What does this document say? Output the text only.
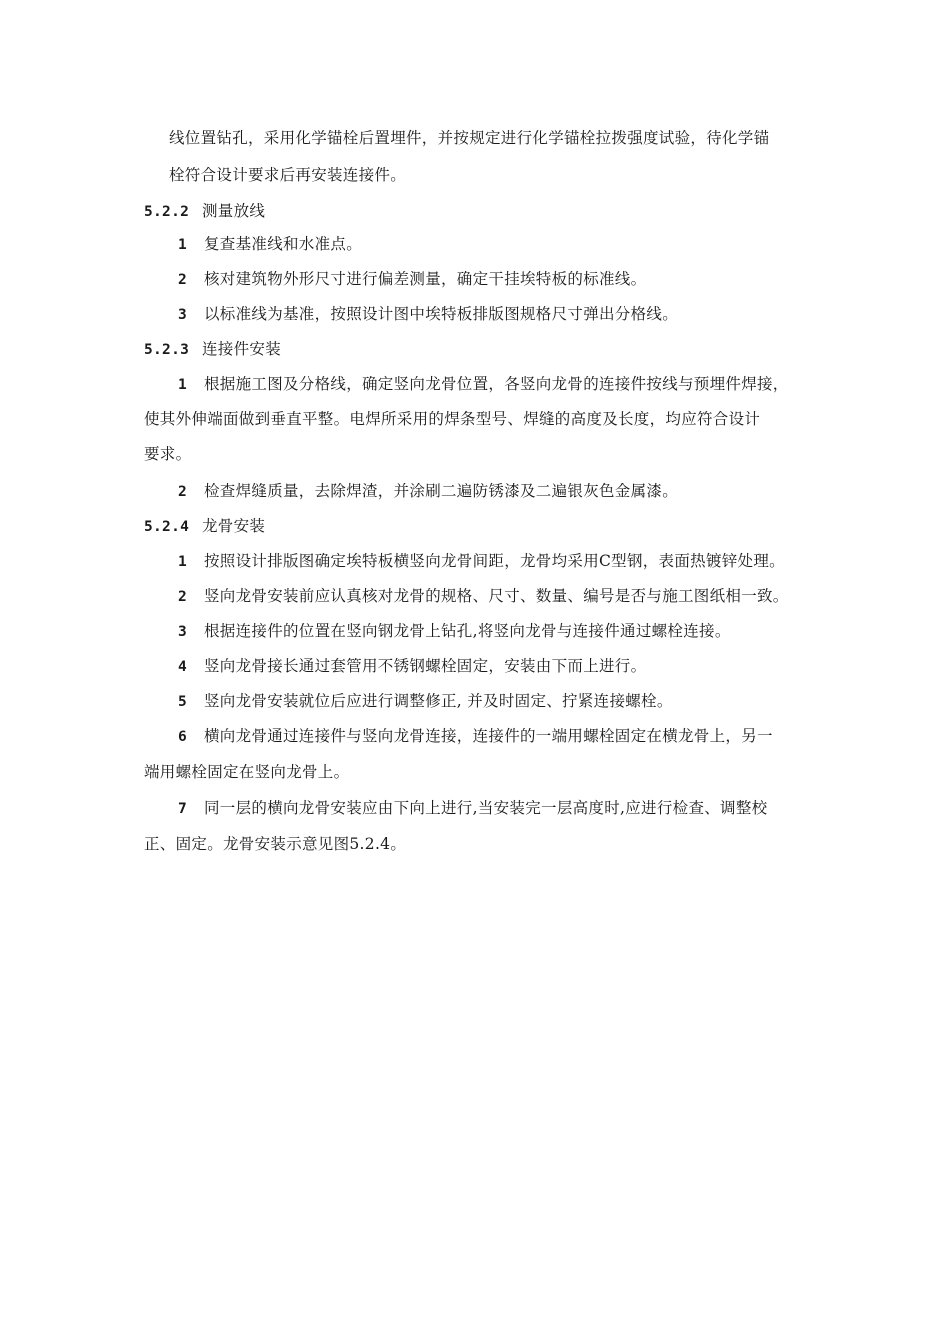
线位置钻孔，采用化学锚栓后置埋件，并按规定进行化学锚栓拉拨强度试验，待化学锚
栓符合设计要求后再安装连接件。
5.2.2 测量放线
1 复查基准线和水准点。
2 核对建筑物外形尺寸进行偏差测量，确定干挂埃特板的标准线。
3 以标准线为基准，按照设计图中埃特板排版图规格尺寸弹出分格线。
5.2.3 连接件安装
1 根据施工图及分格线，确定竖向龙骨位置，各竖向龙骨的连接件按线与预埋件焊接，
使其外伸端面做到垂直平整。电焊所采用的焊条型号、焊缝的高度及长度，均应符合设计
要求。
2 检查焊缝质量，去除焊渣，并涂刷二遍防锈漆及二遍银灰色金属漆。
5.2.4 龙骨安装
1 按照设计排版图确定埃特板横竖向龙骨间距，龙骨均采用C型钢，表面热镀锌处理。
2 竖向龙骨安装前应认真核对龙骨的规格、尺寸、数量、编号是否与施工图纸相一致。
3 根据连接件的位置在竖向钢龙骨上钻孔,将竖向龙骨与连接件通过螺栓连接。
4 竖向龙骨接长通过套管用不锈钢螺栓固定，安装由下而上进行。
5 竖向龙骨安装就位后应进行调整修正, 并及时固定、拧紧连接螺栓。
6 横向龙骨通过连接件与竖向龙骨连接，连接件的一端用螺栓固定在横龙骨上，另一
端用螺栓固定在竖向龙骨上。
7 同一层的横向龙骨安装应由下向上进行,当安装完一层高度时,应进行检查、调整校
正、固定。龙骨安装示意见图5.2.4。
